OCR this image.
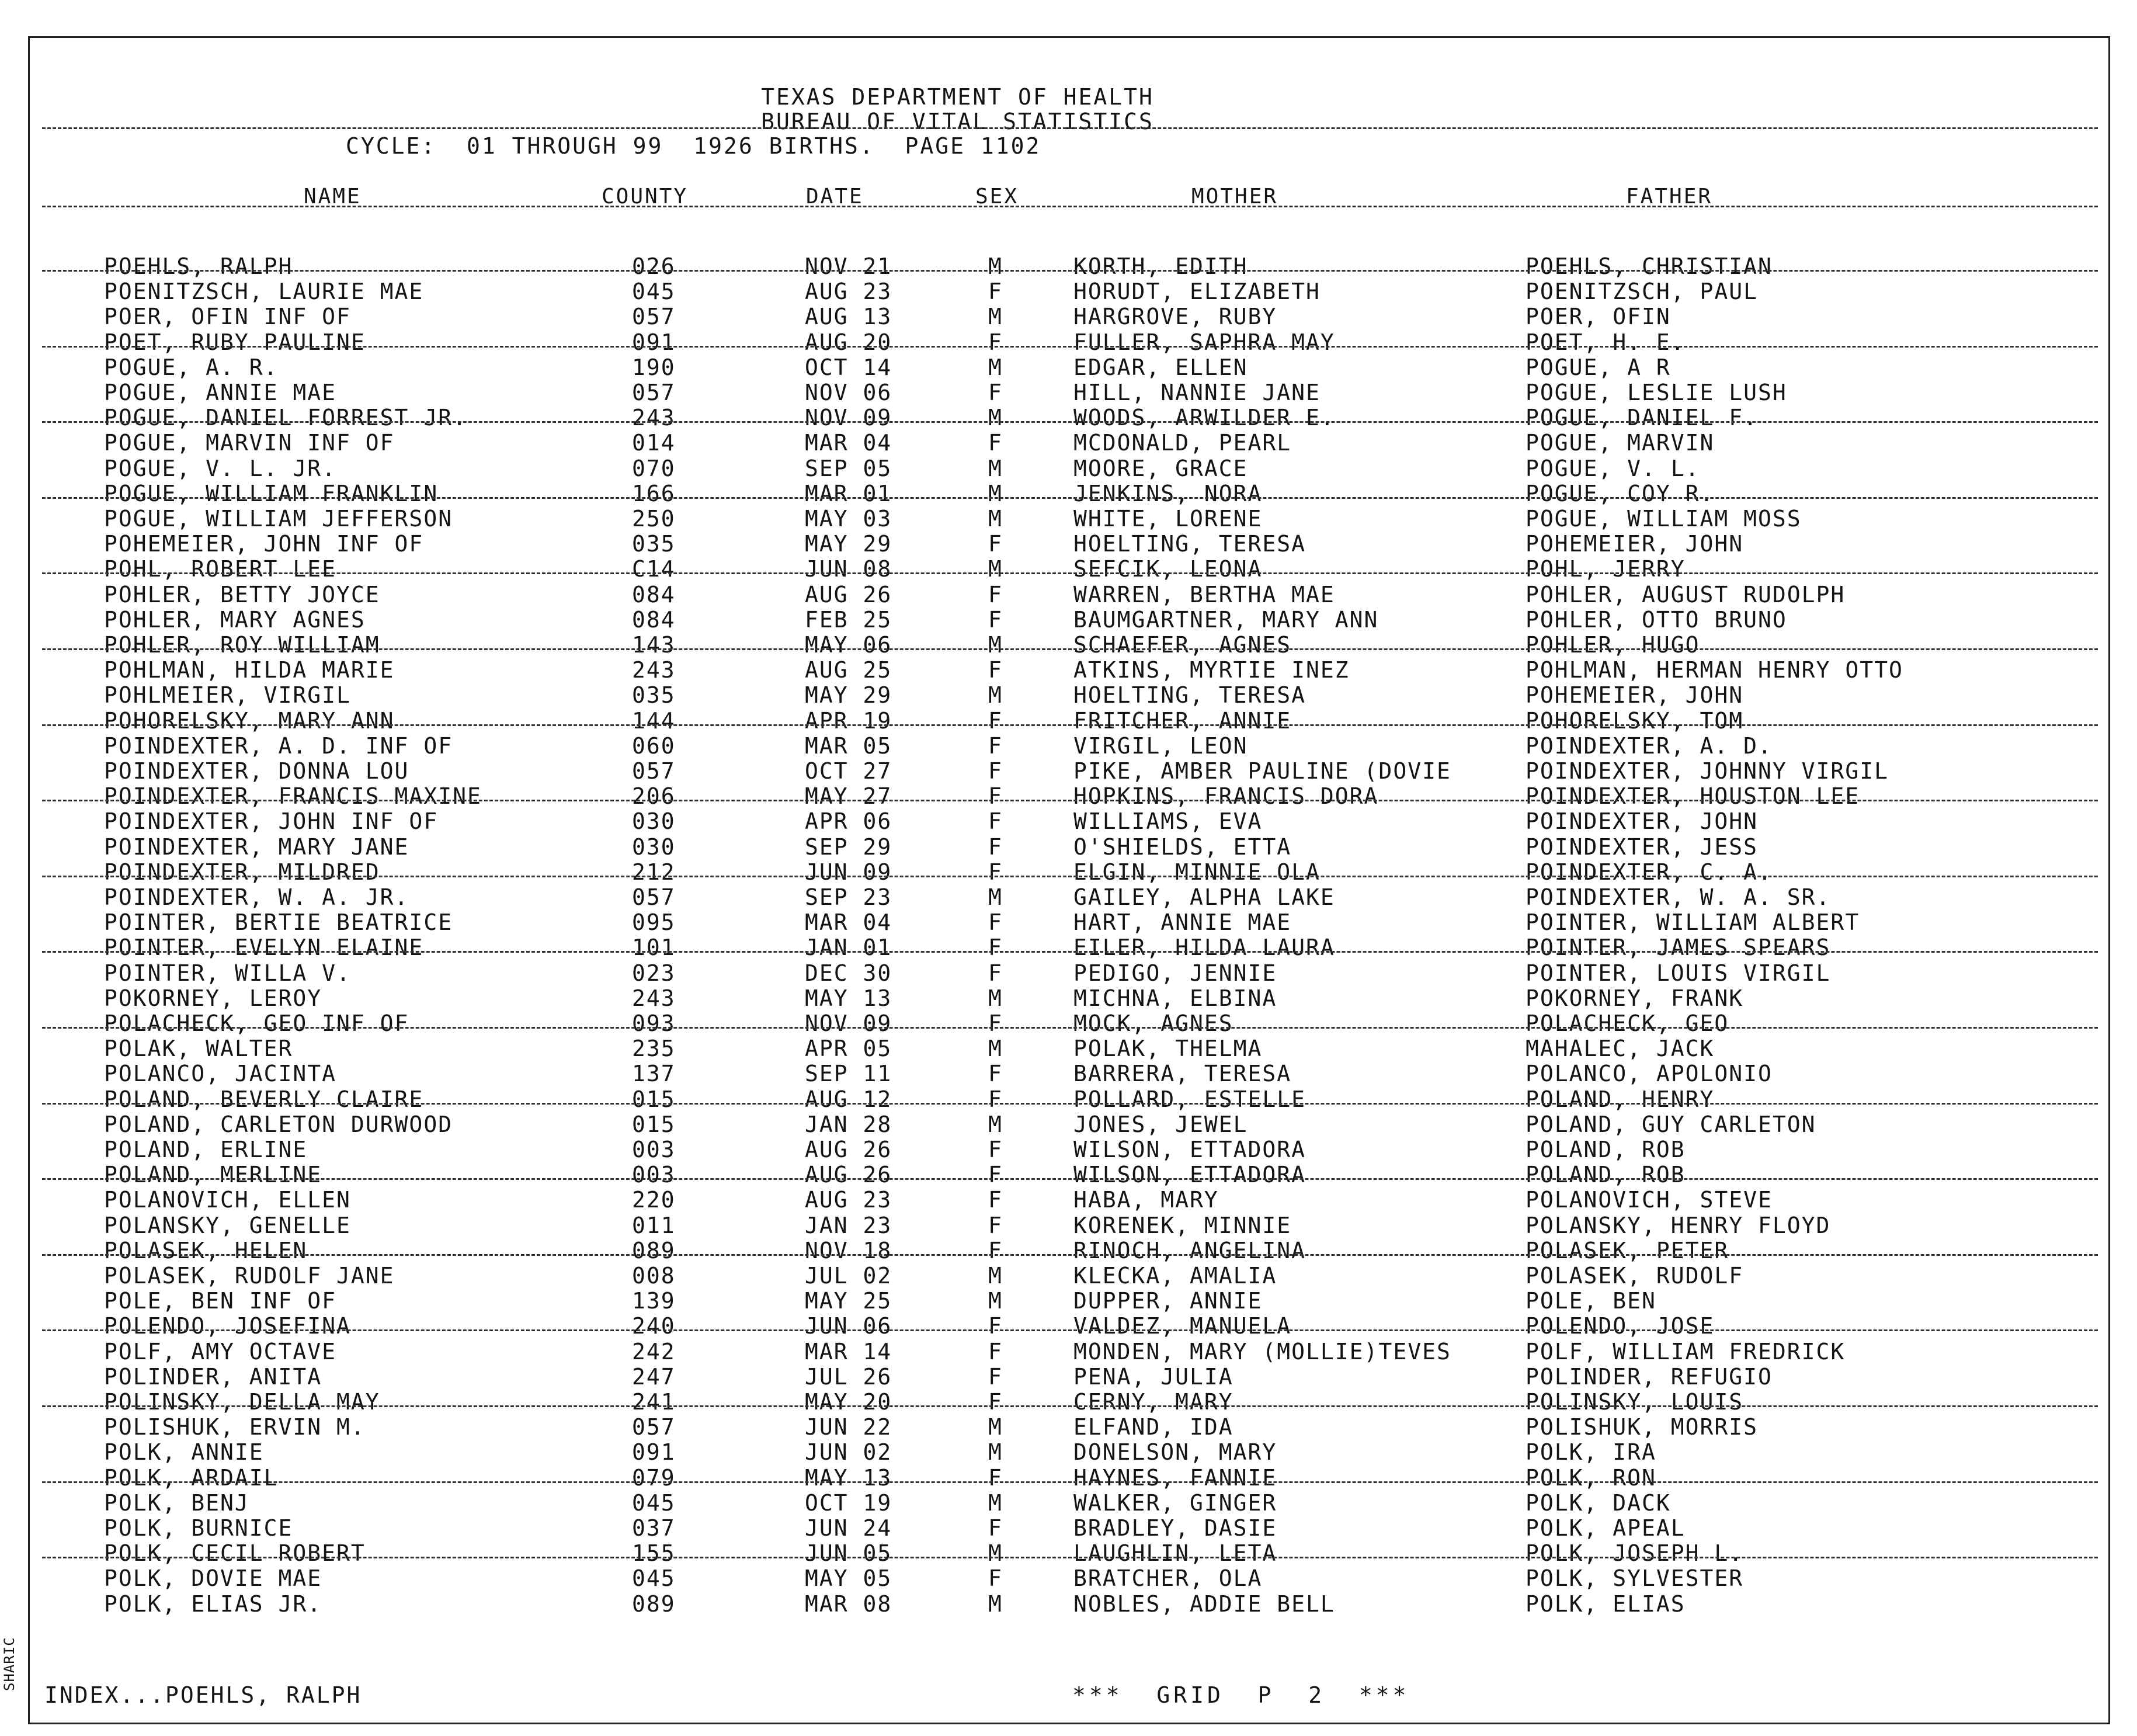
SHARIC
TEXAS DEPARTMENT OF HEALTH
BUREAU OF VITAL STATISTICS
CYCLE:  01 THROUGH 99  1926 BIRTHS.  PAGE 1102
NAME	COUNTY	DATE	SEX	MOTHER	FATHER
POEHLS, RALPH	026	NOV 21	M	KORTH, EDITH	POEHLS, CHRISTIAN
POENITZSCH, LAURIE MAE	045	AUG 23	F	HORUDT, ELIZABETH	POENITZSCH, PAUL
POER, OFIN INF OF	057	AUG 13	M	HARGROVE, RUBY	POER, OFIN
POET, RUBY PAULINE	091	AUG 20	F	FULLER, SAPHRA MAY	POET, H. E.
POGUE, A. R.	190	OCT 14	M	EDGAR, ELLEN	POGUE, A R
POGUE, ANNIE MAE	057	NOV 06	F	HILL, NANNIE JANE	POGUE, LESLIE LUSH
POGUE, DANIEL FORREST JR.	243	NOV 09	M	WOODS, ARWILDER E.	POGUE, DANIEL F.
POGUE, MARVIN INF OF	014	MAR 04	F	MCDONALD, PEARL	POGUE, MARVIN
POGUE, V. L. JR.	070	SEP 05	M	MOORE, GRACE	POGUE, V. L.
POGUE, WILLIAM FRANKLIN	166	MAR 01	M	JENKINS, NORA	POGUE, COY R.
POGUE, WILLIAM JEFFERSON	250	MAY 03	M	WHITE, LORENE	POGUE, WILLIAM MOSS
POHEMEIER, JOHN INF OF	035	MAY 29	F	HOELTING, TERESA	POHEMEIER, JOHN
POHL, ROBERT LEE	C14	JUN 08	M	SEFCIK, LEONA	POHL, JERRY
POHLER, BETTY JOYCE	084	AUG 26	F	WARREN, BERTHA MAE	POHLER, AUGUST RUDOLPH
POHLER, MARY AGNES	084	FEB 25	F	BAUMGARTNER, MARY ANN	POHLER, OTTO BRUNO
POHLER, ROY WILLIAM	143	MAY 06	M	SCHAEFER, AGNES	POHLER, HUGO
POHLMAN, HILDA MARIE	243	AUG 25	F	ATKINS, MYRTIE INEZ	POHLMAN, HERMAN HENRY OTTO
POHLMEIER, VIRGIL	035	MAY 29	M	HOELTING, TERESA	POHEMEIER, JOHN
POHORELSKY, MARY ANN	144	APR 19	F	FRITCHER, ANNIE	POHORELSKY, TOM
POINDEXTER, A. D. INF OF	060	MAR 05	F	VIRGIL, LEON	POINDEXTER, A. D.
POINDEXTER, DONNA LOU	057	OCT 27	F	PIKE, AMBER PAULINE (DOVIE	POINDEXTER, JOHNNY VIRGIL
POINDEXTER, FRANCIS MAXINE	206	MAY 27	F	HOPKINS, FRANCIS DORA	POINDEXTER, HOUSTON LEE
POINDEXTER, JOHN INF OF	030	APR 06	F	WILLIAMS, EVA	POINDEXTER, JOHN
POINDEXTER, MARY JANE	030	SEP 29	F	O'SHIELDS, ETTA	POINDEXTER, JESS
POINDEXTER, MILDRED	212	JUN 09	F	ELGIN, MINNIE OLA	POINDEXTER, C. A.
POINDEXTER, W. A. JR.	057	SEP 23	M	GAILEY, ALPHA LAKE	POINDEXTER, W. A. SR.
POINTER, BERTIE BEATRICE	095	MAR 04	F	HART, ANNIE MAE	POINTER, WILLIAM ALBERT
POINTER, EVELYN ELAINE	101	JAN 01	F	EILER, HILDA LAURA	POINTER, JAMES SPEARS
POINTER, WILLA V.	023	DEC 30	F	PEDIGO, JENNIE	POINTER, LOUIS VIRGIL
POKORNEY, LEROY	243	MAY 13	M	MICHNA, ELBINA	POKORNEY, FRANK
POLACHECK, GEO INF OF	093	NOV 09	F	MOCK, AGNES	POLACHECK, GEO
POLAK, WALTER	235	APR 05	M	POLAK, THELMA	MAHALEC, JACK
POLANCO, JACINTA	137	SEP 11	F	BARRERA, TERESA	POLANCO, APOLONIO
POLAND, BEVERLY CLAIRE	015	AUG 12	F	POLLARD, ESTELLE	POLAND, HENRY
POLAND, CARLETON DURWOOD	015	JAN 28	M	JONES, JEWEL	POLAND, GUY CARLETON
POLAND, ERLINE	003	AUG 26	F	WILSON, ETTADORA	POLAND, ROB
POLAND, MERLINE	003	AUG 26	F	WILSON, ETTADORA	POLAND, ROB
POLANOVICH, ELLEN	220	AUG 23	F	HABA, MARY	POLANOVICH, STEVE
POLANSKY, GENELLE	011	JAN 23	F	KORENEK, MINNIE	POLANSKY, HENRY FLOYD
POLASEK, HELEN	089	NOV 18	F	RINOCH, ANGELINA	POLASEK, PETER
POLASEK, RUDOLF JANE	008	JUL 02	M	KLECKA, AMALIA	POLASEK, RUDOLF
POLE, BEN INF OF	139	MAY 25	M	DUPPER, ANNIE	POLE, BEN
POLENDO, JOSEFINA	240	JUN 06	F	VALDEZ, MANUELA	POLENDO, JOSE
POLF, AMY OCTAVE	242	MAR 14	F	MONDEN, MARY (MOLLIE)TEVES	POLF, WILLIAM FREDRICK
POLINDER, ANITA	247	JUL 26	F	PENA, JULIA	POLINDER, REFUGIO
POLINSKY, DELLA MAY	241	MAY 20	F	CERNY, MARY	POLINSKY, LOUIS
POLISHUK, ERVIN M.	057	JUN 22	M	ELFAND, IDA	POLISHUK, MORRIS
POLK, ANNIE	091	JUN 02	M	DONELSON, MARY	POLK, IRA
POLK, ARDAIL	079	MAY 13	F	HAYNES, FANNIE	POLK, RON
POLK, BENJ	045	OCT 19	M	WALKER, GINGER	POLK, DACK
POLK, BURNICE	037	JUN 24	F	BRADLEY, DASIE	POLK, APEAL
POLK, CECIL ROBERT	155	JUN 05	M	LAUGHLIN, LETA	POLK, JOSEPH L.
POLK, DOVIE MAE	045	MAY 05	F	BRATCHER, OLA	POLK, SYLVESTER
POLK, ELIAS JR.	089	MAR 08	M	NOBLES, ADDIE BELL	POLK, ELIAS
INDEX...POEHLS, RALPH	***  GRID  P  2  ***
